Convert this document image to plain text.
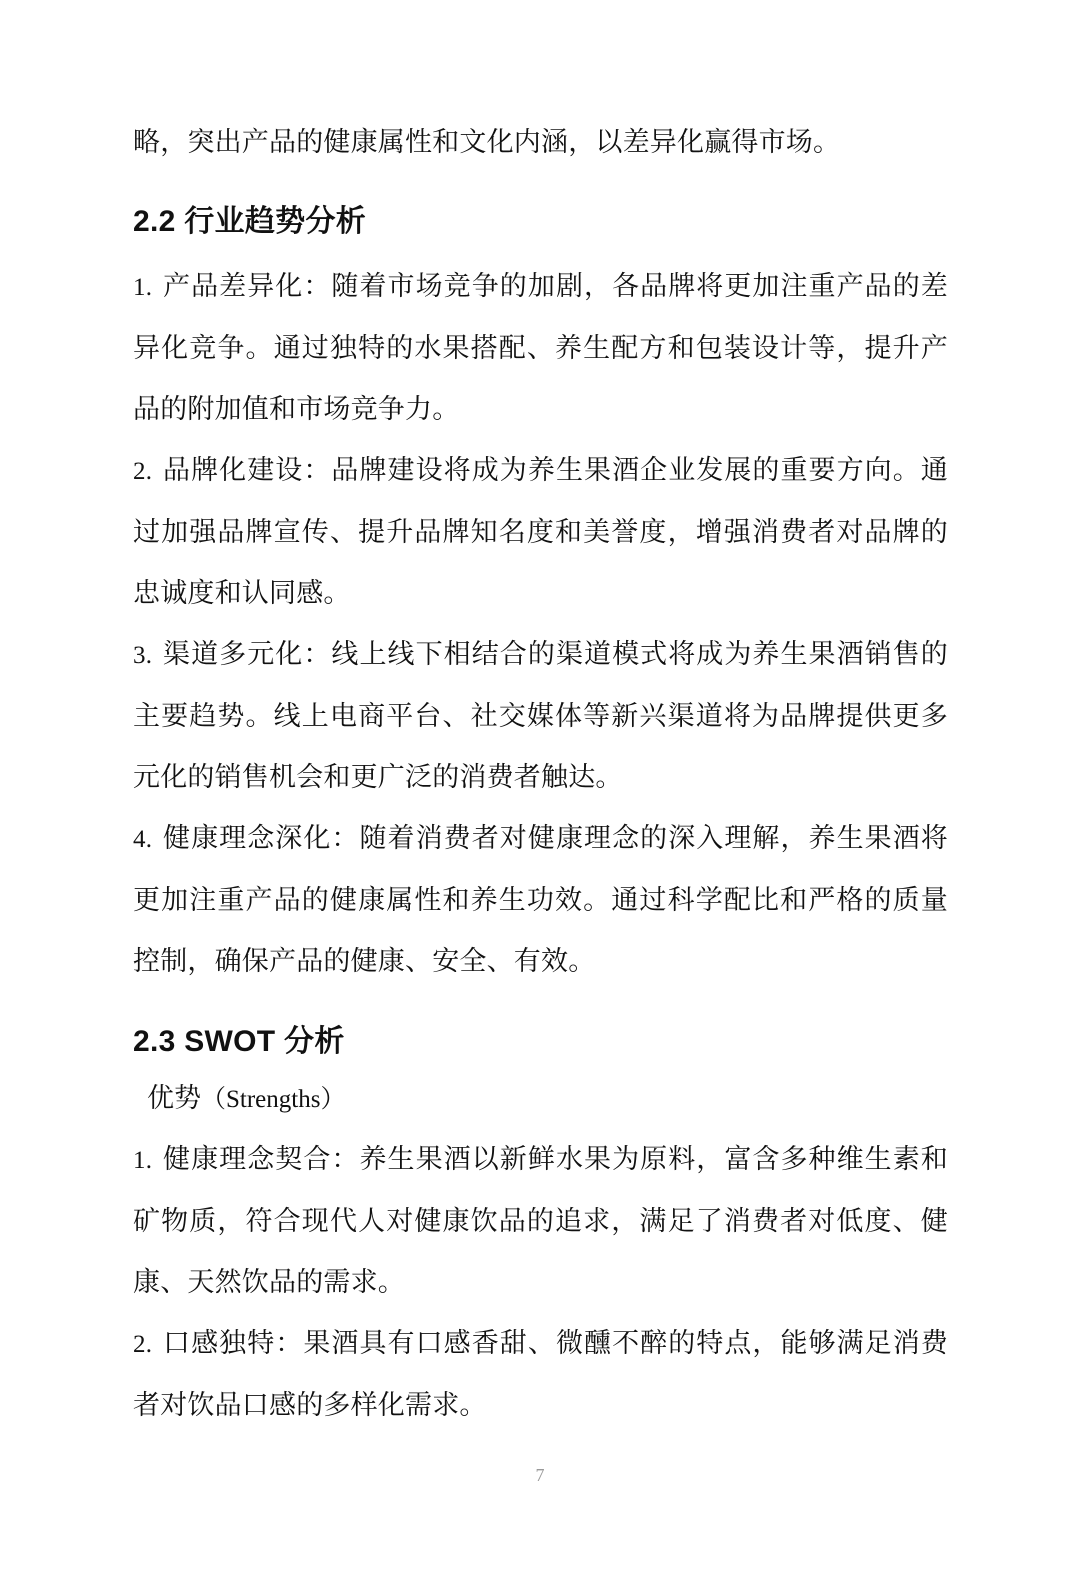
略，突出产品的健康属性和文化内涵，以差异化赢得市场。

2.2 行业趋势分析

1. 产品差异化：随着市场竞争的加剧，各品牌将更加注重产品的差异化竞争。通过独特的水果搭配、养生配方和包装设计等，提升产品的附加值和市场竞争力。

2. 品牌化建设：品牌建设将成为养生果酒企业发展的重要方向。通过加强品牌宣传、提升品牌知名度和美誉度，增强消费者对品牌的忠诚度和认同感。

3. 渠道多元化：线上线下相结合的渠道模式将成为养生果酒销售的主要趋势。线上电商平台、社交媒体等新兴渠道将为品牌提供更多元化的销售机会和更广泛的消费者触达。

4. 健康理念深化：随着消费者对健康理念的深入理解，养生果酒将更加注重产品的健康属性和养生功效。通过科学配比和严格的质量控制，确保产品的健康、安全、有效。

2.3 SWOT 分析

优势（Strengths）

1. 健康理念契合：养生果酒以新鲜水果为原料，富含多种维生素和矿物质，符合现代人对健康饮品的追求，满足了消费者对低度、健康、天然饮品的需求。

2. 口感独特：果酒具有口感香甜、微醺不醉的特点，能够满足消费者对饮品口感的多样化需求。

7
